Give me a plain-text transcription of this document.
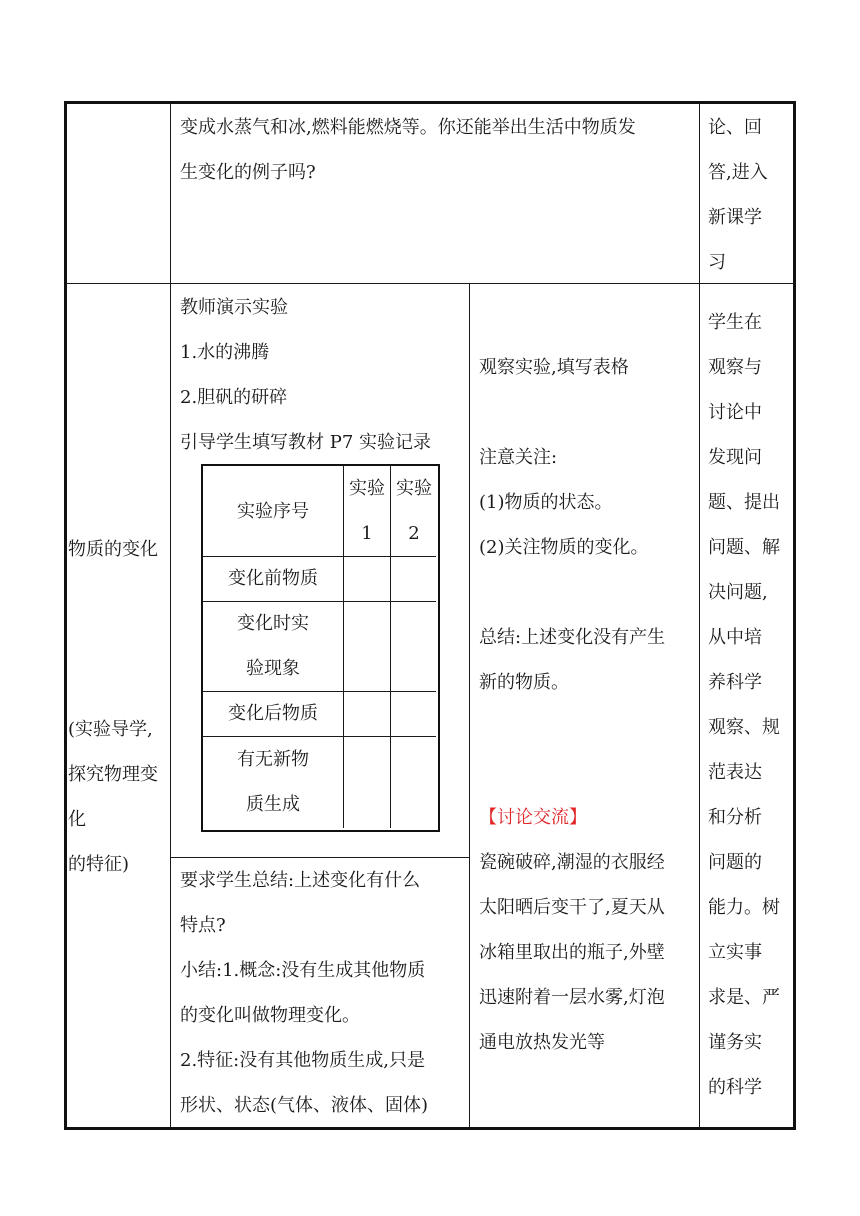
变成水蒸气和冰,燃料能燃烧等。你还能举出生活中物质发
生变化的例子吗?
论、回
答,进入
新课学
习
物质的变化
(实验导学,
探究物理变
化
的特征)
教师演示实验
1.水的沸腾
2.胆矾的研碎
引导学生填写教材 P7 实验记录
实验序号
实验
1
实验
2
变化前物质
变化时实
验现象
变化后物质
有无新物
质生成
要求学生总结:上述变化有什么
特点?
小结:1.概念:没有生成其他物质
的变化叫做物理变化。
2.特征:没有其他物质生成,只是
形状、状态(气体、液体、固体)
观察实验,填写表格
注意关注:
(1)物质的状态。
(2)关注物质的变化。
总结:上述变化没有产生
新的物质。
【讨论交流】
瓷碗破碎,潮湿的衣服经
太阳晒后变干了,夏天从
冰箱里取出的瓶子,外壁
迅速附着一层水雾,灯泡
通电放热发光等
学生在
观察与
讨论中
发现问
题、提出
问题、解
决问题,
从中培
养科学
观察、规
范表达
和分析
问题的
能力。树
立实事
求是、严
谨务实
的科学
